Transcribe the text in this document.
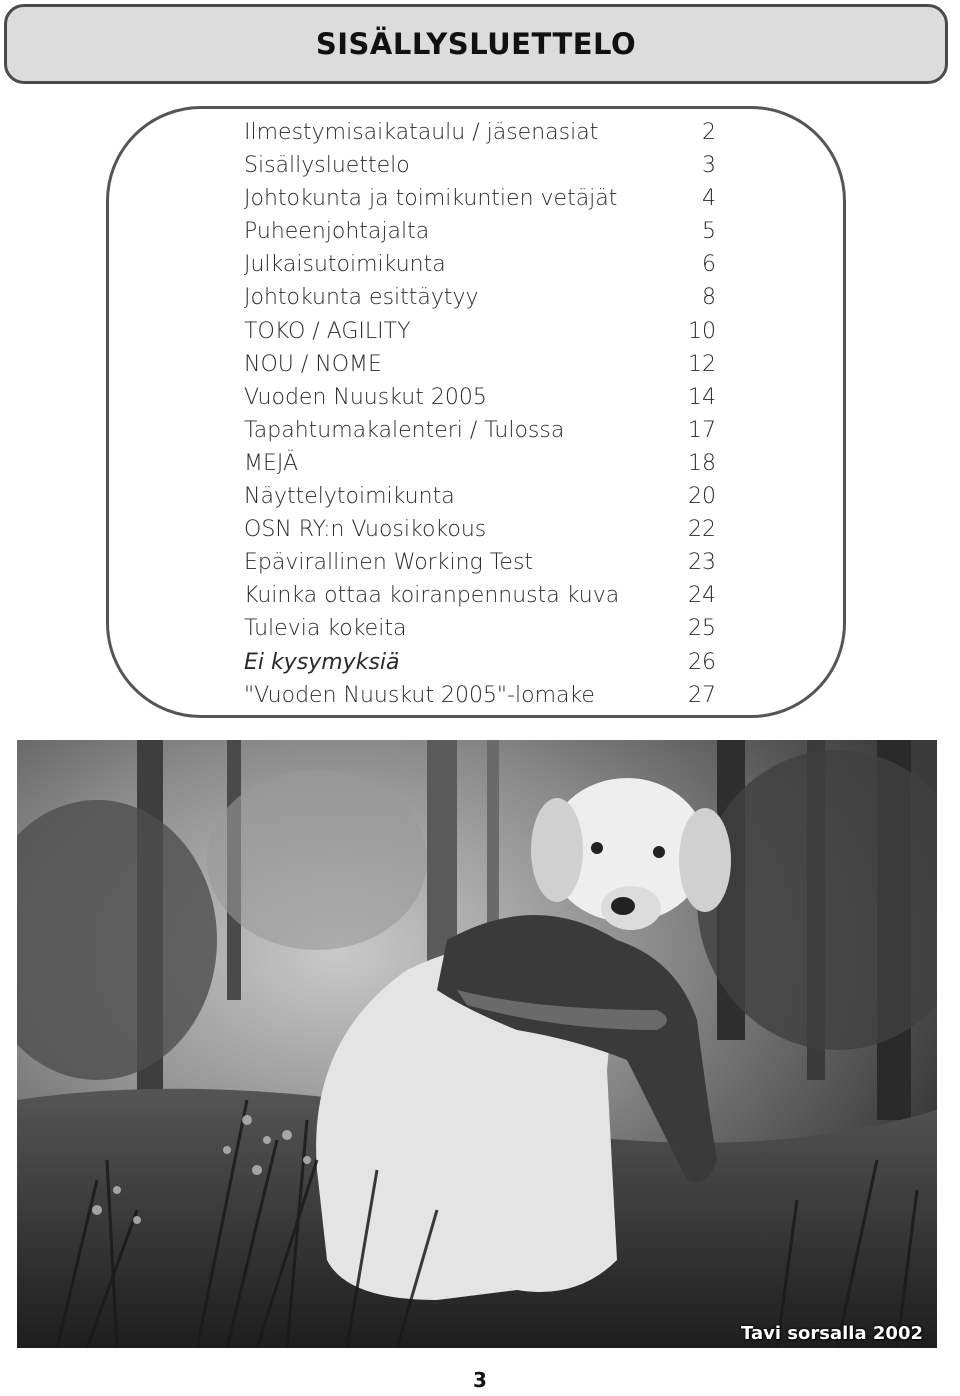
SISÄLLYSLUETTELO
Ilmestymisaikataulu / jäsenasiat	2
Sisällysluettelo	3
Johtokunta ja toimikuntien vetäjät	4
Puheenjohtajalta	5
Julkaisutoimikunta	6
Johtokunta esittäytyy	8
TOKO / AGILITY	10
NOU / NOME	12
Vuoden Nuuskut 2005	14
Tapahtumakalenteri / Tulossa	17
MEJÄ	18
Näyttelytoimikunta	20
OSN RY:n Vuosikokous	22
Epävirallinen Working Test	23
Kuinka ottaa koiranpennusta kuva	24
Tulevia kokeita	25
Ei kysymyksiä	26
"Vuoden Nuuskut 2005"-lomake	27
Tavi sorsalla 2002
3
